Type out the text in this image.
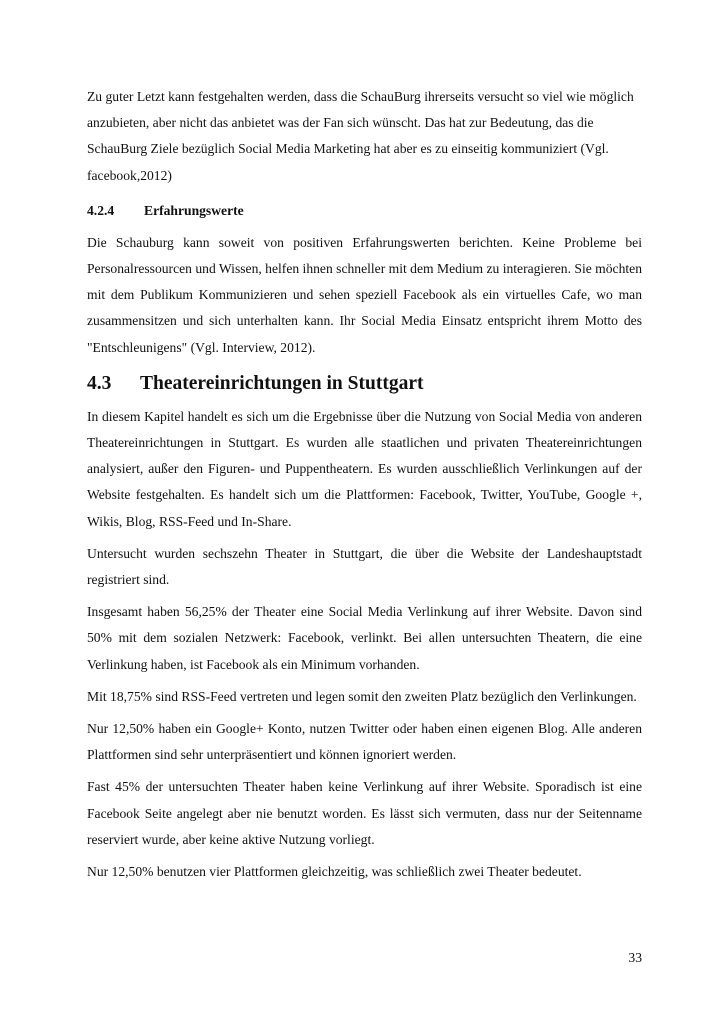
Zu guter Letzt kann festgehalten werden, dass die SchauBurg ihrerseits versucht so viel wie möglich anzubieten, aber nicht das anbietet was der Fan sich wünscht. Das hat zur Bedeutung, das die SchauBurg Ziele bezüglich Social Media Marketing hat aber es zu einseitig kommuniziert (Vgl. facebook,2012)

4.2.4	Erfahrungswerte

Die Schauburg kann soweit von positiven Erfahrungswerten berichten. Keine Probleme bei Personalressourcen und Wissen, helfen ihnen schneller mit dem Medium zu interagieren. Sie möchten mit dem Publikum Kommunizieren und sehen speziell Facebook als ein virtuelles Cafe, wo man zusammensitzen und sich unterhalten kann. Ihr Social Media Einsatz entspricht ihrem Motto des "Entschleunigens" (Vgl. Interview, 2012).

4.3	Theatereinrichtungen in Stuttgart

In diesem Kapitel handelt es sich um die Ergebnisse über die Nutzung von Social Media von anderen Theatereinrichtungen in Stuttgart. Es wurden alle staatlichen und privaten Theatereinrichtungen analysiert, außer den Figuren- und Puppentheatern. Es wurden ausschließlich Verlinkungen auf der Website festgehalten. Es handelt sich um die Plattformen: Facebook, Twitter, YouTube, Google +, Wikis, Blog, RSS-Feed und In-Share.

Untersucht wurden sechszehn Theater in Stuttgart, die über die Website der Landeshauptstadt registriert sind.

Insgesamt haben 56,25% der Theater eine Social Media Verlinkung auf ihrer Website. Davon sind 50% mit dem sozialen Netzwerk: Facebook, verlinkt. Bei allen untersuchten Theatern, die eine Verlinkung haben, ist Facebook als ein Minimum vorhanden.

Mit 18,75% sind RSS-Feed vertreten und legen somit den zweiten Platz bezüglich den Verlinkungen.

Nur 12,50% haben ein Google+ Konto, nutzen Twitter oder haben einen eigenen Blog. Alle anderen Plattformen sind sehr unterpräsentiert und können ignoriert werden.

Fast 45% der untersuchten Theater haben keine Verlinkung auf ihrer Website. Sporadisch ist eine Facebook Seite angelegt aber nie benutzt worden. Es lässt sich vermuten, dass nur der Seitenname reserviert wurde, aber keine aktive Nutzung vorliegt.

Nur 12,50% benutzen vier Plattformen gleichzeitig, was schließlich zwei Theater bedeutet.

33
